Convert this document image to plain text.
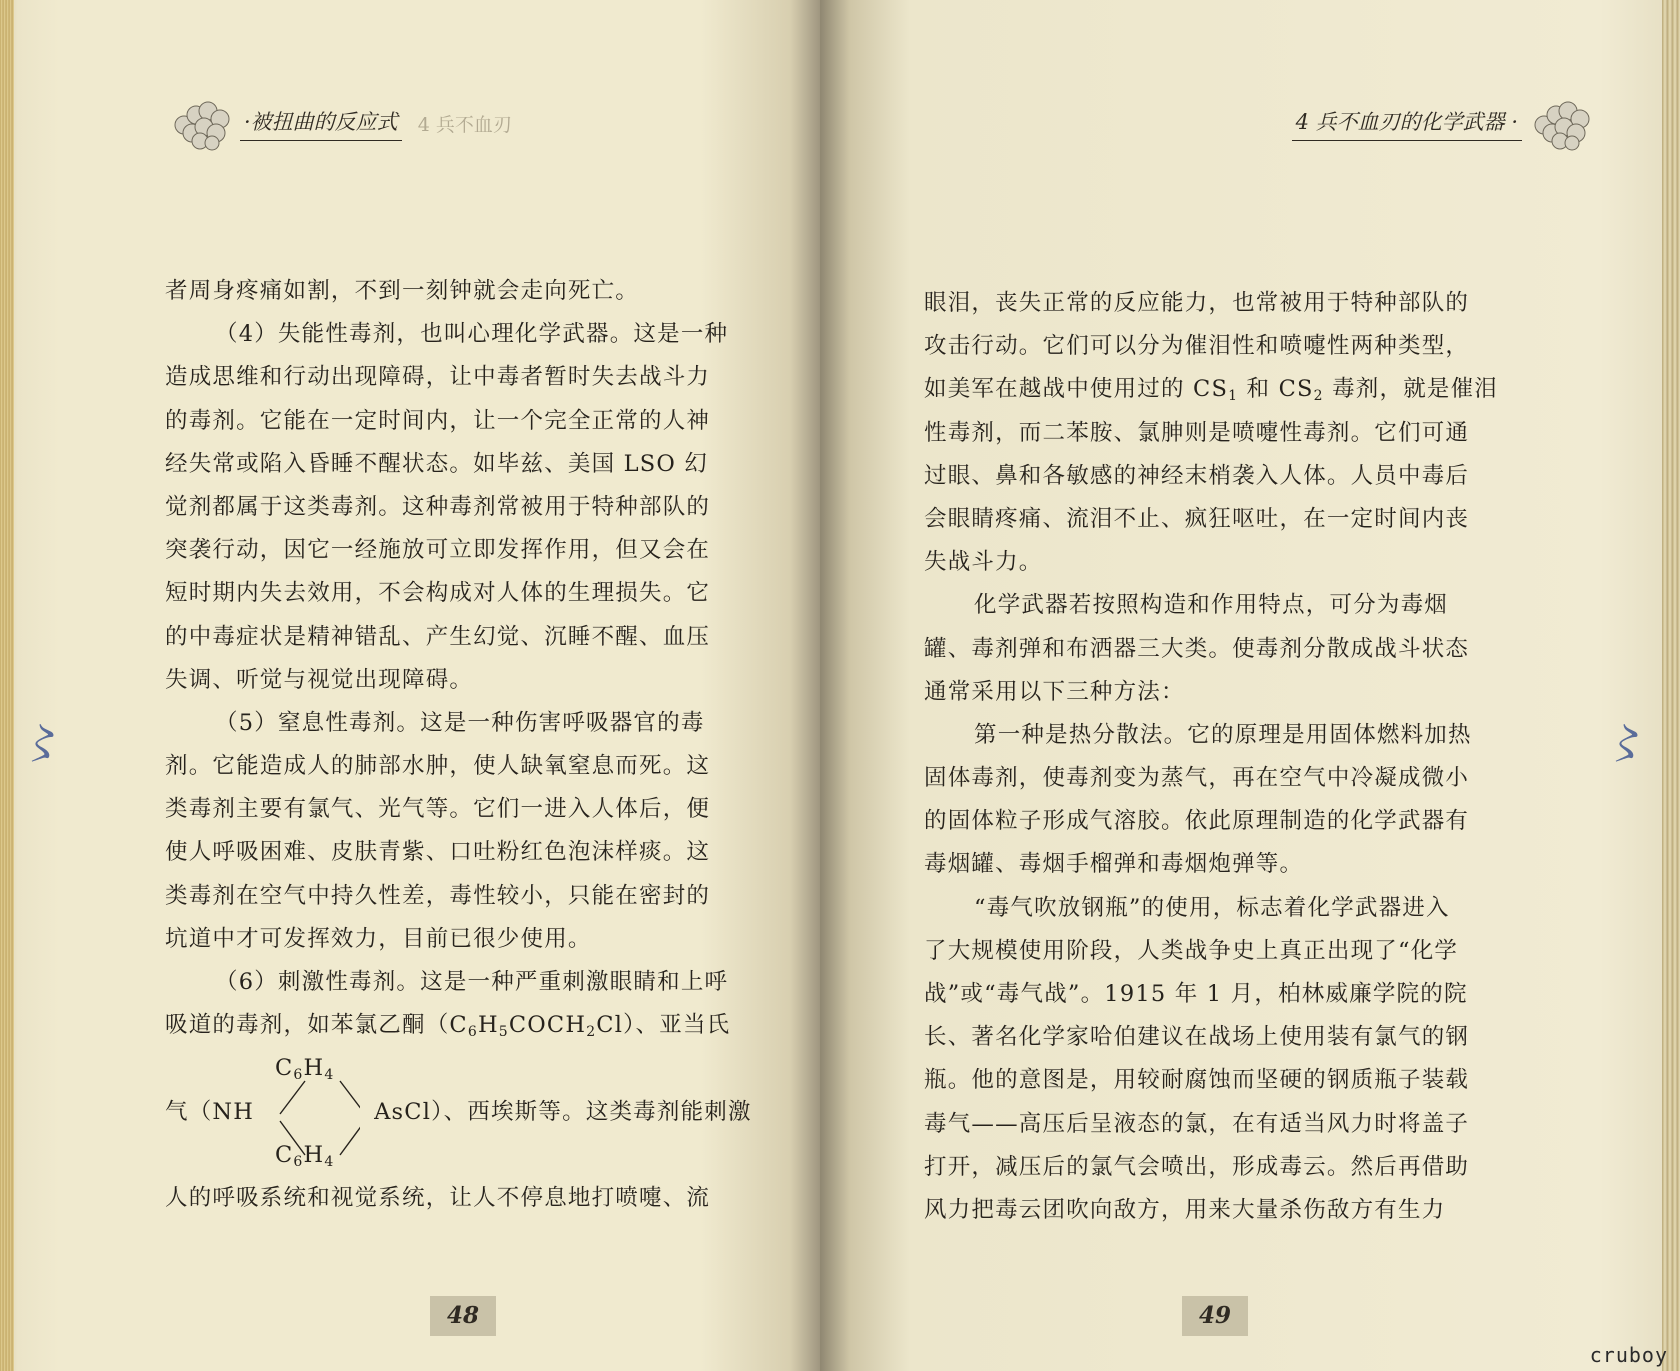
·被扭曲的反应式 4 兵不血刃
者周身疼痛如割，不到一刻钟就会走向死亡。
（4）失能性毒剂，也叫心理化学武器。这是一种
造成思维和行动出现障碍，让中毒者暂时失去战斗力
的毒剂。它能在一定时间内，让一个完全正常的人神
经失常或陷入昏睡不醒状态。如毕兹、美国 LSO 幻
觉剂都属于这类毒剂。这种毒剂常被用于特种部队的
突袭行动，因它一经施放可立即发挥作用，但又会在
短时期内失去效用，不会构成对人体的生理损失。它
的中毒症状是精神错乱、产生幻觉、沉睡不醒、血压
失调、听觉与视觉出现障碍。
（5）窒息性毒剂。这是一种伤害呼吸器官的毒
剂。它能造成人的肺部水肿，使人缺氧窒息而死。这
类毒剂主要有氯气、光气等。它们一进入人体后，便
使人呼吸困难、皮肤青紫、口吐粉红色泡沫样痰。这
类毒剂在空气中持久性差，毒性较小，只能在密封的
坑道中才可发挥效力，目前已很少使用。
（6）刺激性毒剂。这是一种严重刺激眼睛和上呼
吸道的毒剂，如苯氯乙酮$(C_6H_5COCH_2Cl)$、亚当氏
$C_6H_4$
气（NH	AsCl）、西埃斯等。这类毒剂能刺激
$C_6H_4$
人的呼吸系统和视觉系统，让人不停息地打喷嚏、流
〻
48
4 兵不血刃的化学武器 ·
〻
49
眼泪，丧失正常的反应能力，也常被用于特种部队的
攻击行动。它们可以分为催泪性和喷嚏性两种类型，
如美军在越战中使用过的 $CS_1$ 和 $CS_2$ 毒剂，就是催泪
性毒剂，而二苯胺、氯胂则是喷嚏性毒剂。它们可通
过眼、鼻和各敏感的神经末梢袭入人体。人员中毒后
会眼睛疼痛、流泪不止、疯狂呕吐，在一定时间内丧
失战斗力。
化学武器若按照构造和作用特点，可分为毒烟
罐、毒剂弹和布洒器三大类。使毒剂分散成战斗状态
通常采用以下三种方法：
第一种是热分散法。它的原理是用固体燃料加热
固体毒剂，使毒剂变为蒸气，再在空气中冷凝成微小
的固体粒子形成气溶胶。依此原理制造的化学武器有
毒烟罐、毒烟手榴弹和毒烟炮弹等。
“毒气吹放钢瓶”的使用，标志着化学武器进入
了大规模使用阶段，人类战争史上真正出现了“化学
战”或“毒气战”。1915 年 1 月，柏林威廉学院的院
长、著名化学家哈伯建议在战场上使用装有氯气的钢
瓶。他的意图是，用较耐腐蚀而坚硬的钢质瓶子装载
毒气——高压后呈液态的氯，在有适当风力时将盖子
打开，减压后的氯气会喷出，形成毒云。然后再借助
风力把毒云团吹向敌方，用来大量杀伤敌方有生力
cruboy
